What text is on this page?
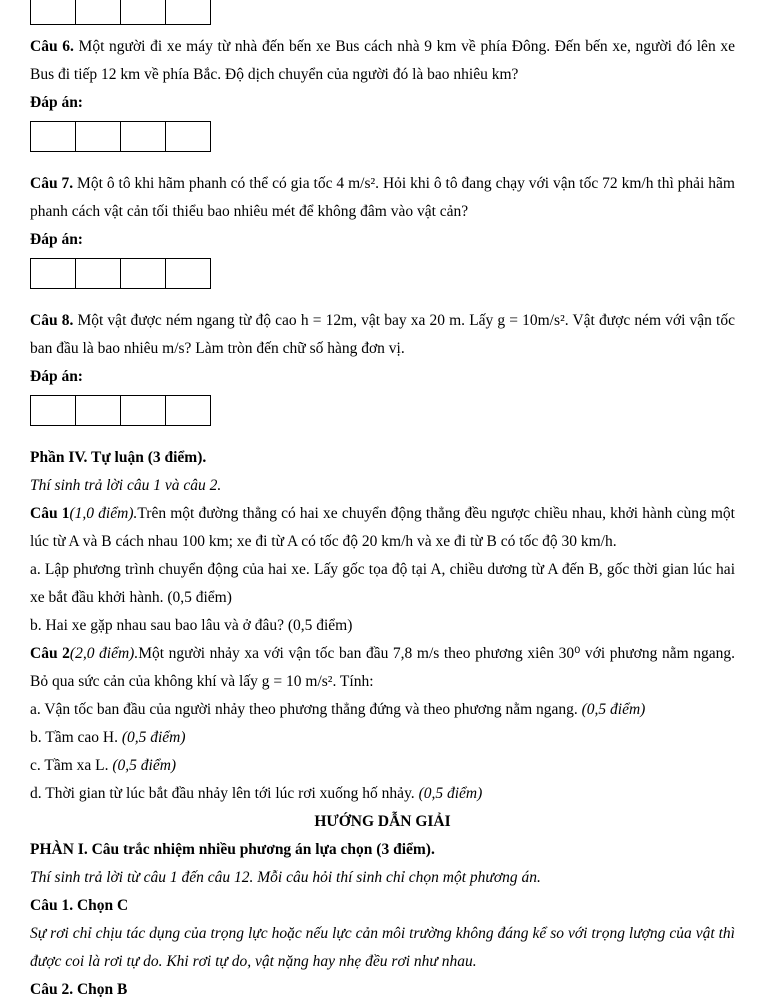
Câu 6. Một người đi xe máy từ nhà đến bến xe Bus cách nhà 9 km về phía Đông. Đến bến xe, người đó lên xe Bus đi tiếp 12 km về phía Bắc. Độ dịch chuyển của người đó là bao nhiêu km?

Đáp án:

Câu 7. Một ô tô khi hãm phanh có thể có gia tốc 4 m/s². Hỏi khi ô tô đang chạy với vận tốc 72 km/h thì phải hãm phanh cách vật cản tối thiểu bao nhiêu mét để không đâm vào vật cản?

Đáp án:

Câu 8. Một vật được ném ngang từ độ cao h = 12m, vật bay xa 20 m. Lấy g = 10m/s². Vật được ném với vận tốc ban đầu là bao nhiêu m/s? Làm tròn đến chữ số hàng đơn vị.

Đáp án:

Phần IV. Tự luận (3 điểm).

Thí sinh trả lời câu 1 và câu 2.

Câu 1(1,0 điểm).Trên một đường thẳng có hai xe chuyển động thẳng đều ngược chiều nhau, khởi hành cùng một lúc từ A và B cách nhau 100 km; xe đi từ A có tốc độ 20 km/h và xe đi từ B có tốc độ 30 km/h.

a. Lập phương trình chuyển động của hai xe. Lấy gốc tọa độ tại A, chiều dương từ A đến B, gốc thời gian lúc hai xe bắt đầu khởi hành. (0,5 điểm)

b. Hai xe gặp nhau sau bao lâu và ở đâu? (0,5 điểm)

Câu 2(2,0 điểm).Một người nhảy xa với vận tốc ban đầu 7,8 m/s theo phương xiên 30⁰ với phương nằm ngang. Bỏ qua sức cản của không khí và lấy g = 10 m/s². Tính:

a. Vận tốc ban đầu của người nhảy theo phương thẳng đứng và theo phương nằm ngang. (0,5 điểm)

b. Tầm cao H. (0,5 điểm)

c. Tầm xa L. (0,5 điểm)

d. Thời gian từ lúc bắt đầu nhảy lên tới lúc rơi xuống hố nhảy. (0,5 điểm)

HƯỚNG DẪN GIẢI

PHÀN I. Câu trắc nhiệm nhiều phương án lựa chọn (3 điểm).

Thí sinh trả lời từ câu 1 đến câu 12. Mỗi câu hỏi thí sinh chỉ chọn một phương án.

Câu 1. Chọn C

Sự rơi chỉ chịu tác dụng của trọng lực hoặc nếu lực cản môi trường không đáng kể so với trọng lượng của vật thì được coi là rơi tự do. Khi rơi tự do, vật nặng hay nhẹ đều rơi như nhau.

Câu 2. Chọn B
